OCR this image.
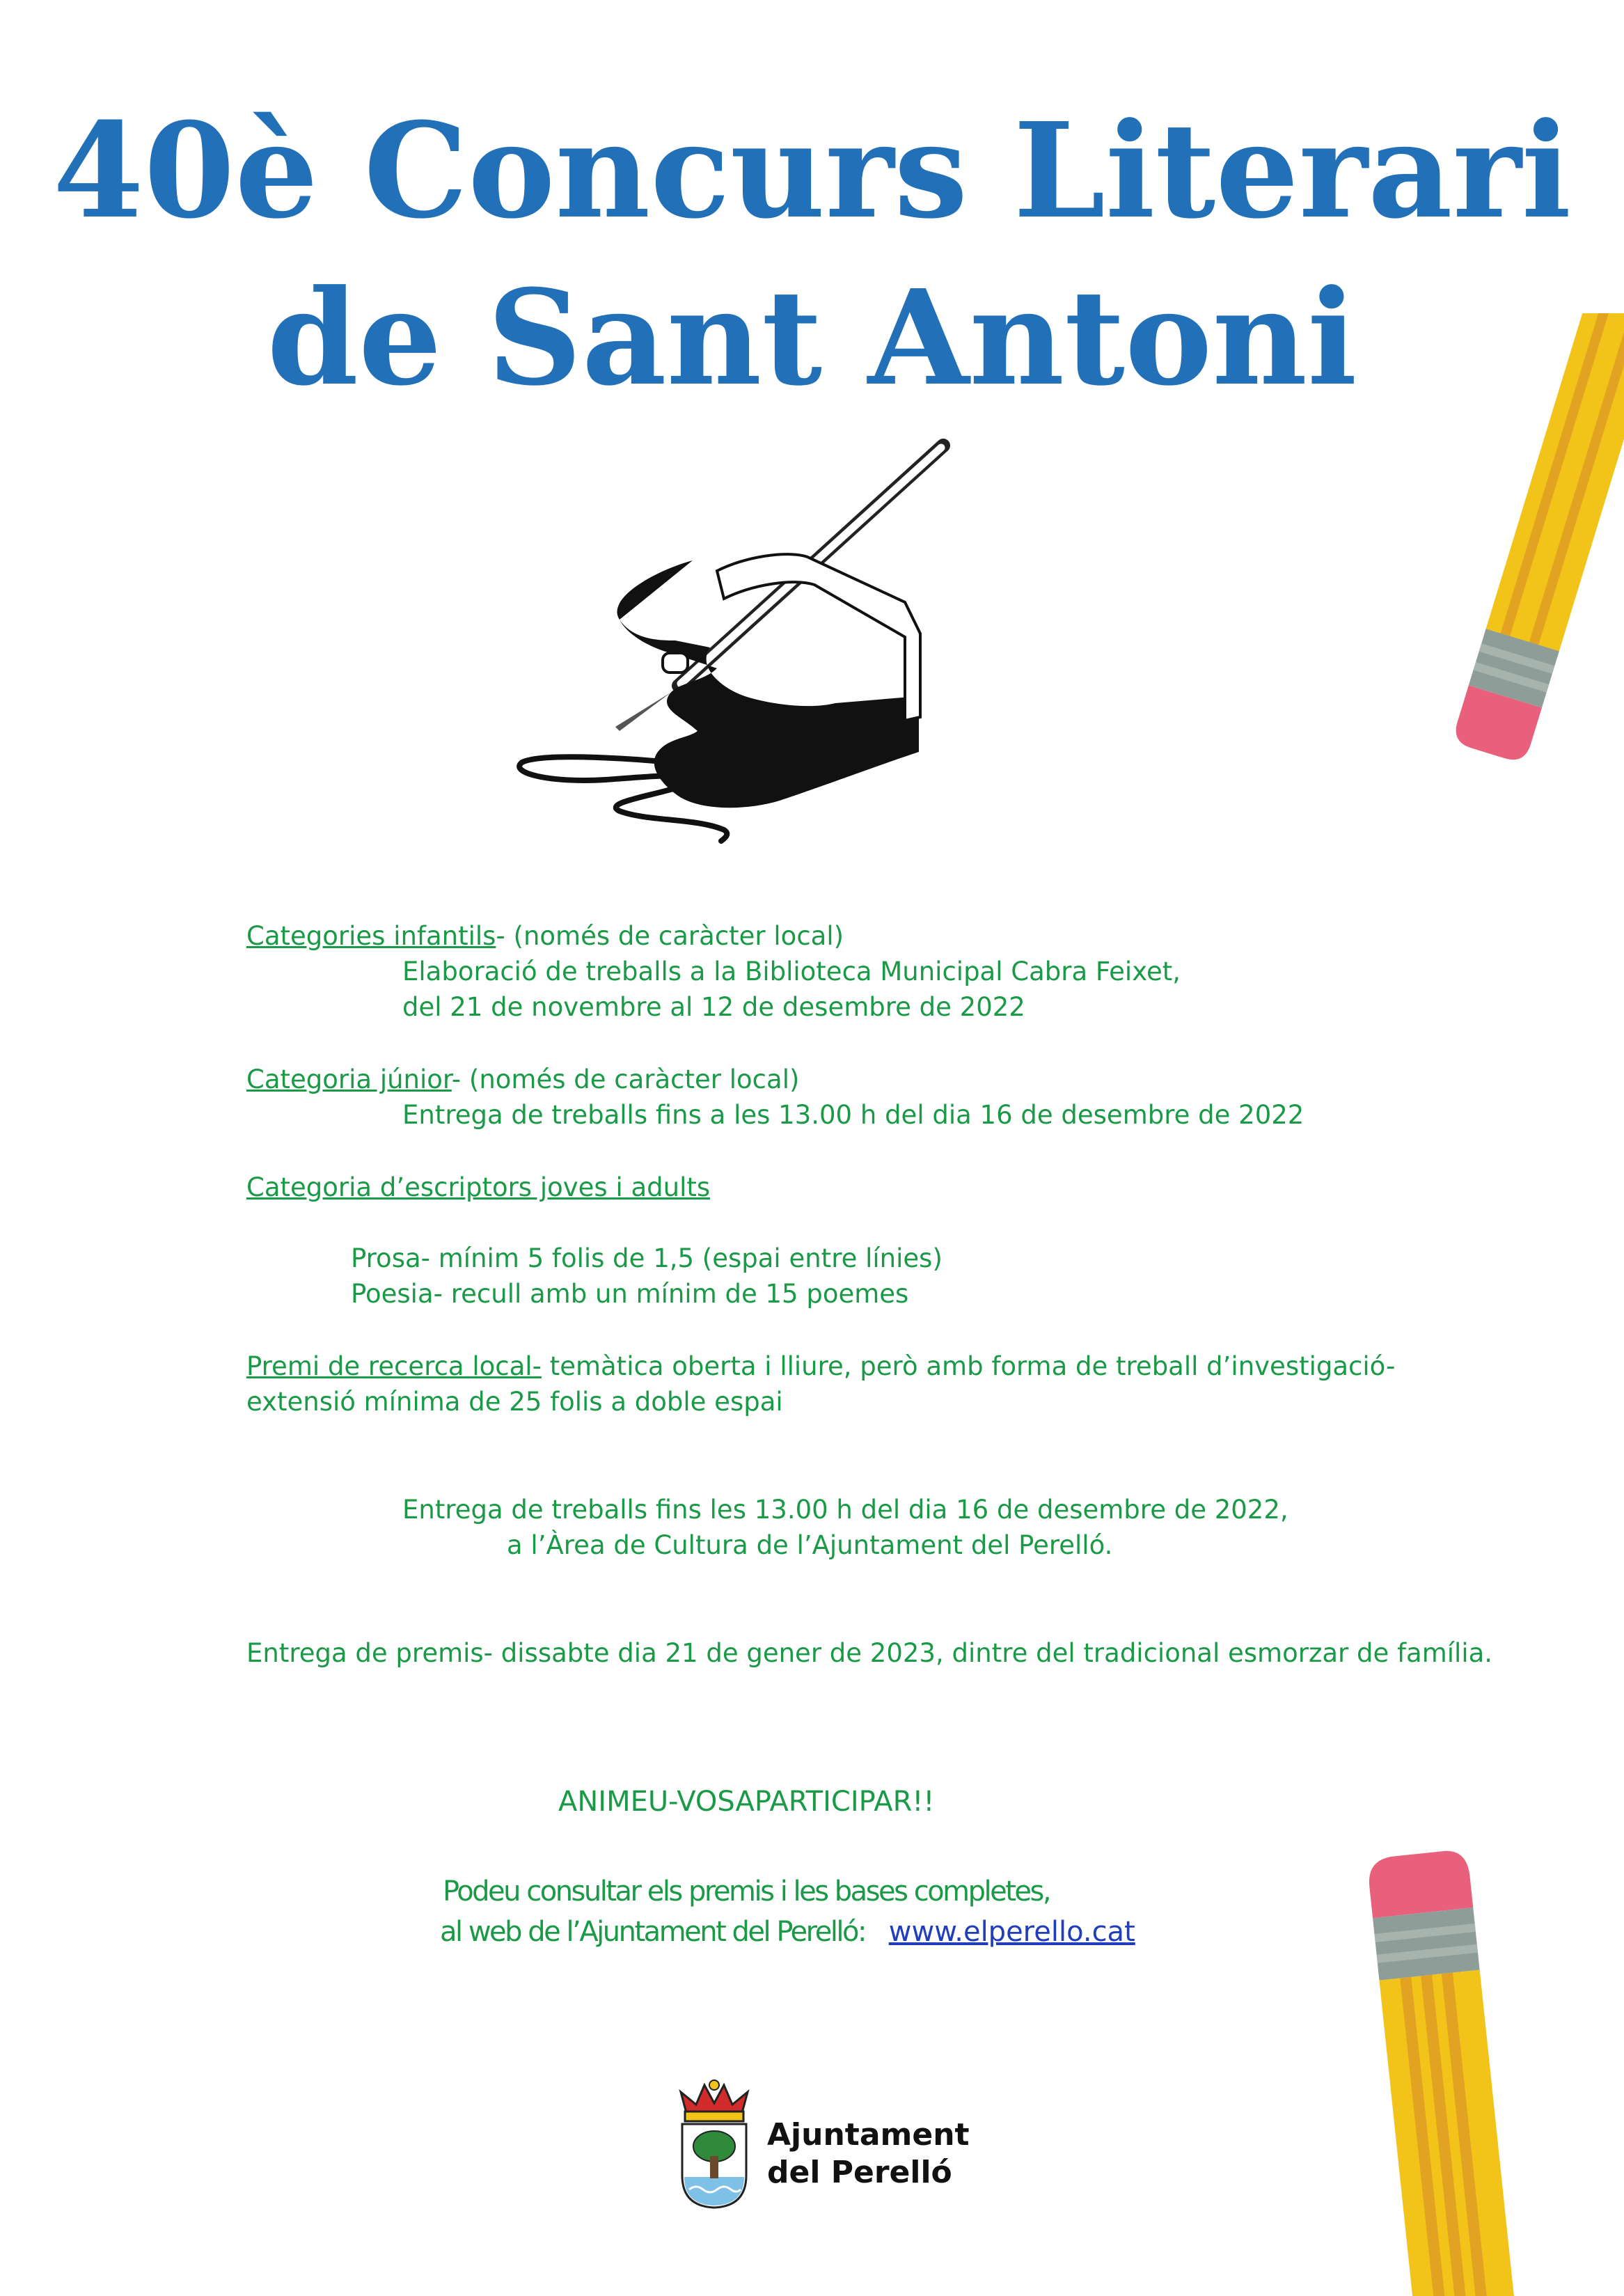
40è Concurs Literari
de Sant Antoni
Categories infantils- (només de caràcter local)
Elaboració de treballs a la Biblioteca Municipal Cabra Feixet,
del 21 de novembre al 12 de desembre de 2022
Categoria júnior- (només de caràcter local)
Entrega de treballs fins a les 13.00 h del dia 16 de desembre de 2022
Categoria d’escriptors joves i adults
Prosa- mínim 5 folis de 1,5 (espai entre línies)
Poesia- recull amb un mínim de 15 poemes
Premi de recerca local- temàtica oberta i lliure, però amb forma de treball d’investigació-
extensió mínima de 25 folis a doble espai
Entrega de treballs fins les 13.00 h del dia 16 de desembre de 2022,
a l’Àrea de Cultura de l’Ajuntament del Perelló.
Entrega de premis- dissabte dia 21 de gener de 2023, dintre del tradicional esmorzar de família.
ANIMEU-VOSAPARTICIPAR!!
Podeu consultar els premis i les bases completes,
al web de l’Ajuntament del Perelló: www.elperello.cat
Ajuntament
del Perelló
